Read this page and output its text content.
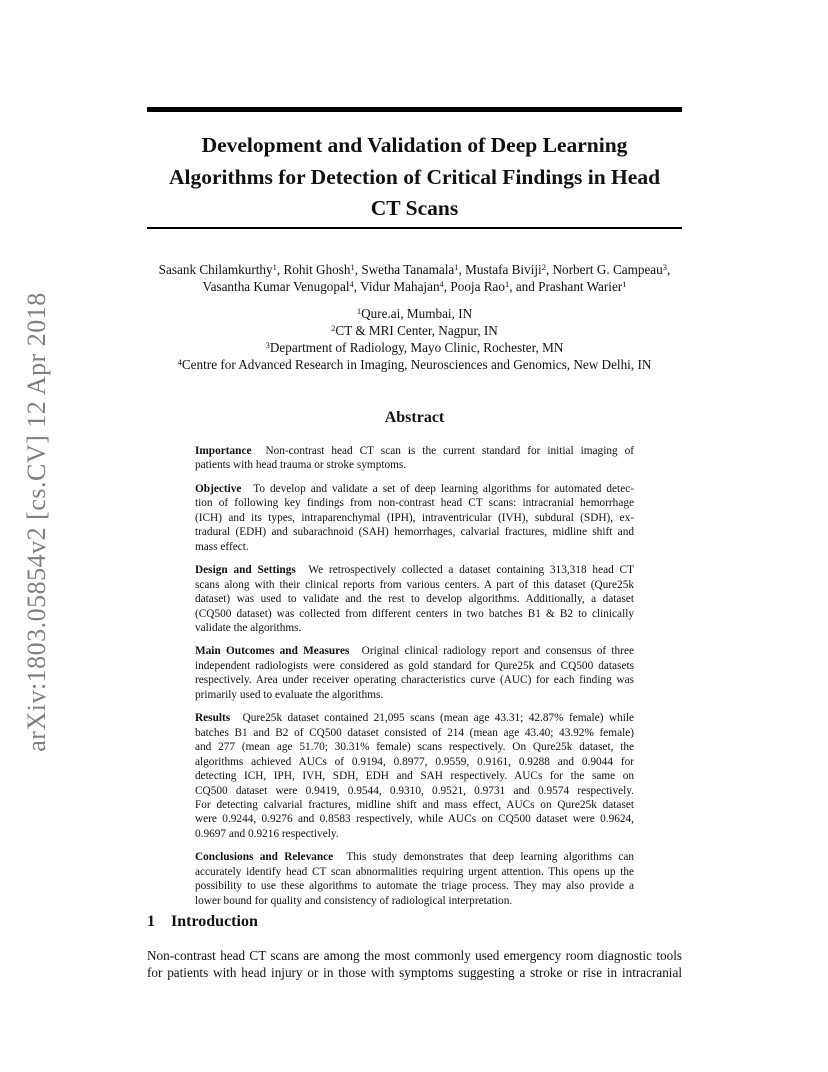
arXiv:1803.05854v2 [cs.CV] 12 Apr 2018
Development and Validation of Deep Learning
Algorithms for Detection of Critical Findings in Head
CT Scans
Sasank Chilamkurthy$^1$, Rohit Ghosh$^1$, Swetha Tanamala$^1$, Mustafa Biviji$^2$, Norbert G. Campeau$^3$,
Vasantha Kumar Venugopal$^4$, Vidur Mahajan$^4$, Pooja Rao$^1$, and Prashant Warier$^1$
$^1$Qure.ai, Mumbai, IN
$^2$CT & MRI Center, Nagpur, IN
$^3$Department of Radiology, Mayo Clinic, Rochester, MN
$^4$Centre for Advanced Research in Imaging, Neurosciences and Genomics, New Delhi, IN
Abstract
Importance Non-contrast head CT scan is the current standard for initial imaging of
patients with head trauma or stroke symptoms.
Objective To develop and validate a set of deep learning algorithms for automated detec-
tion of following key findings from non-contrast head CT scans: intracranial hemorrhage
(ICH) and its types, intraparenchymal (IPH), intraventricular (IVH), subdural (SDH), ex-
tradural (EDH) and subarachnoid (SAH) hemorrhages, calvarial fractures, midline shift and
mass effect.
Design and Settings We retrospectively collected a dataset containing 313,318 head CT
scans along with their clinical reports from various centers. A part of this dataset (Qure25k
dataset) was used to validate and the rest to develop algorithms. Additionally, a dataset
(CQ500 dataset) was collected from different centers in two batches B1 & B2 to clinically
validate the algorithms.
Main Outcomes and Measures Original clinical radiology report and consensus of three
independent radiologists were considered as gold standard for Qure25k and CQ500 datasets
respectively. Area under receiver operating characteristics curve (AUC) for each finding was
primarily used to evaluate the algorithms.
Results Qure25k dataset contained 21,095 scans (mean age 43.31; 42.87% female) while
batches B1 and B2 of CQ500 dataset consisted of 214 (mean age 43.40; 43.92% female)
and 277 (mean age 51.70; 30.31% female) scans respectively. On Qure25k dataset, the
algorithms achieved AUCs of 0.9194, 0.8977, 0.9559, 0.9161, 0.9288 and 0.9044 for
detecting ICH, IPH, IVH, SDH, EDH and SAH respectively. AUCs for the same on
CQ500 dataset were 0.9419, 0.9544, 0.9310, 0.9521, 0.9731 and 0.9574 respectively.
For detecting calvarial fractures, midline shift and mass effect, AUCs on Qure25k dataset
were 0.9244, 0.9276 and 0.8583 respectively, while AUCs on CQ500 dataset were 0.9624,
0.9697 and 0.9216 respectively.
Conclusions and Relevance This study demonstrates that deep learning algorithms can
accurately identify head CT scan abnormalities requiring urgent attention. This opens up the
possibility to use these algorithms to automate the triage process. They may also provide a
lower bound for quality and consistency of radiological interpretation.
1 Introduction
Non-contrast head CT scans are among the most commonly used emergency room diagnostic tools
for patients with head injury or in those with symptoms suggesting a stroke or rise in intracranial
